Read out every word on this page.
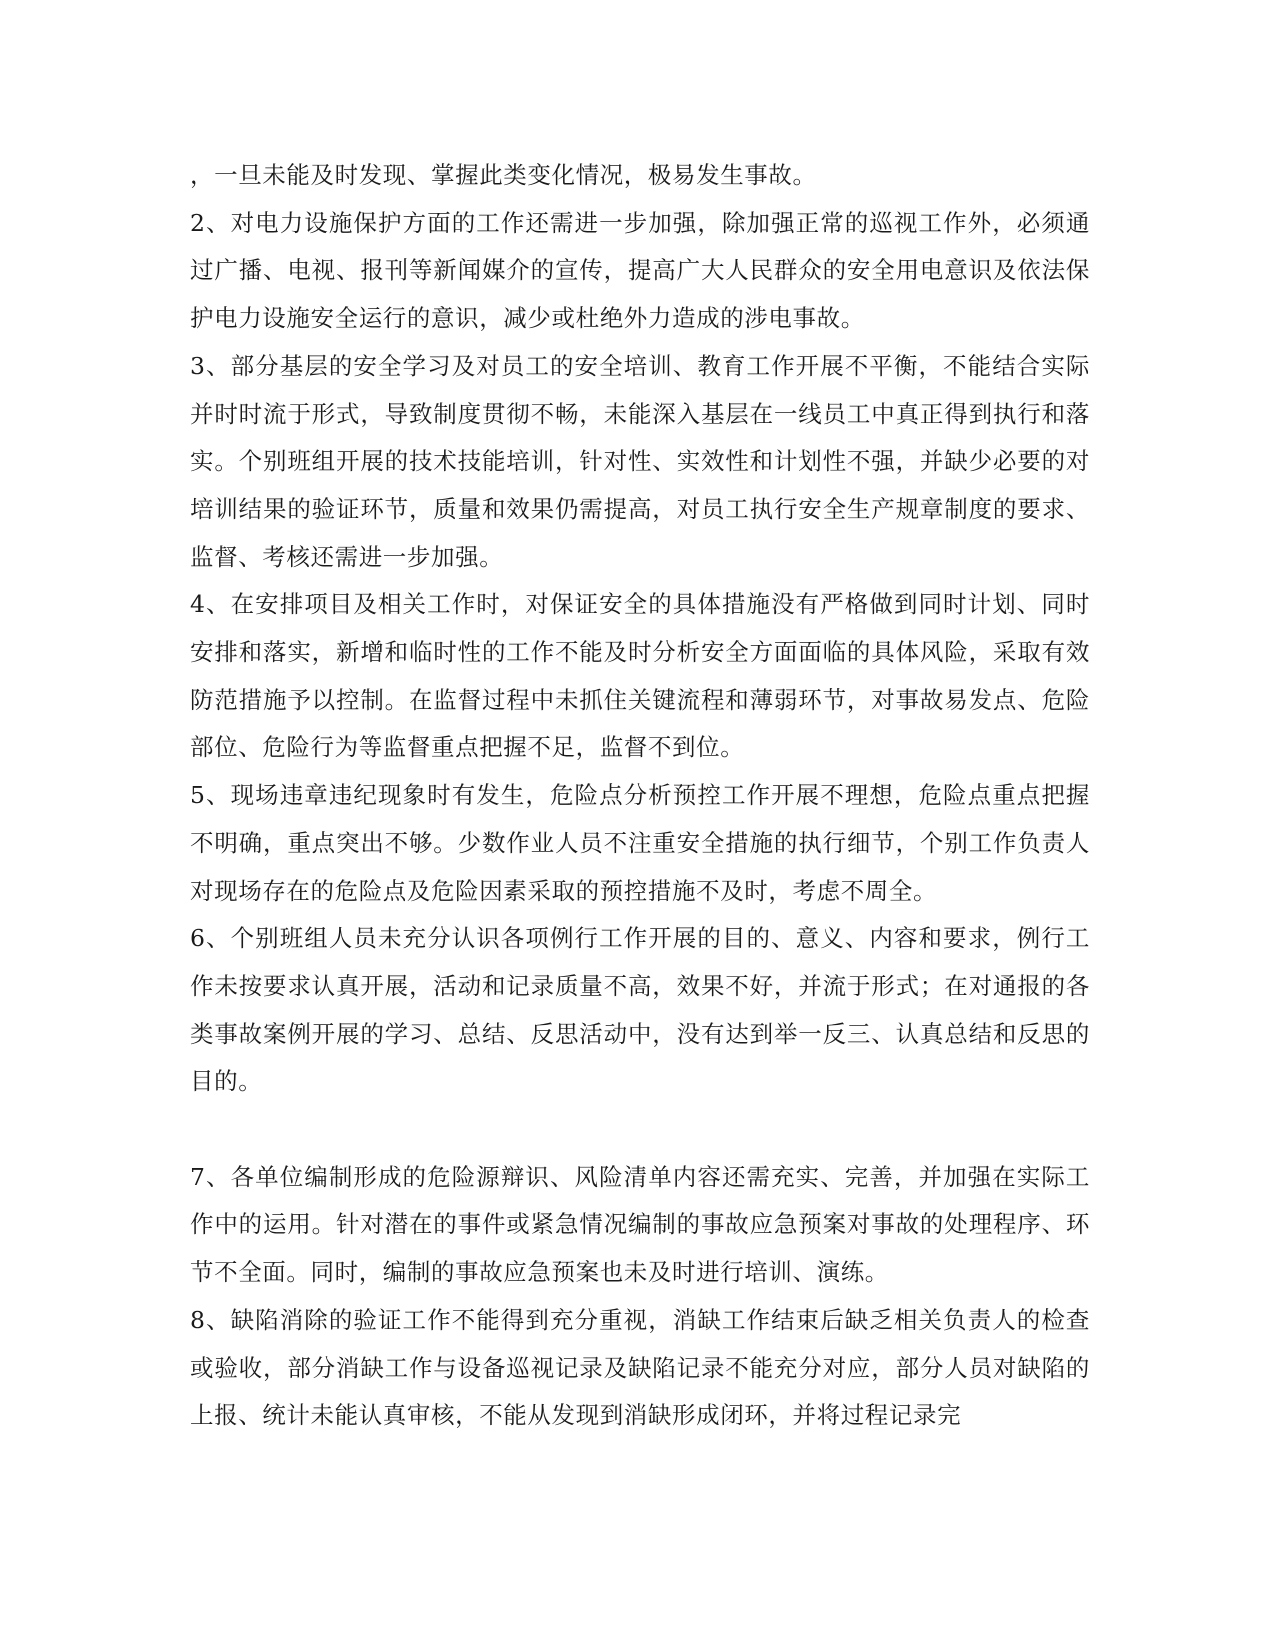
，一旦未能及时发现、掌握此类变化情况，极易发生事故。

2、对电力设施保护方面的工作还需进一步加强，除加强正常的巡视工作外，必须通过广播、电视、报刊等新闻媒介的宣传，提高广大人民群众的安全用电意识及依法保护电力设施安全运行的意识，减少或杜绝外力造成的涉电事故。

3、部分基层的安全学习及对员工的安全培训、教育工作开展不平衡，不能结合实际并时时流于形式，导致制度贯彻不畅，未能深入基层在一线员工中真正得到执行和落实。个别班组开展的技术技能培训，针对性、实效性和计划性不强，并缺少必要的对培训结果的验证环节，质量和效果仍需提高，对员工执行安全生产规章制度的要求、监督、考核还需进一步加强。

4、在安排项目及相关工作时，对保证安全的具体措施没有严格做到同时计划、同时安排和落实，新增和临时性的工作不能及时分析安全方面面临的具体风险，采取有效防范措施予以控制。在监督过程中未抓住关键流程和薄弱环节，对事故易发点、危险部位、危险行为等监督重点把握不足，监督不到位。

5、现场违章违纪现象时有发生，危险点分析预控工作开展不理想，危险点重点把握不明确，重点突出不够。少数作业人员不注重安全措施的执行细节，个别工作负责人对现场存在的危险点及危险因素采取的预控措施不及时，考虑不周全。

6、个别班组人员未充分认识各项例行工作开展的目的、意义、内容和要求，例行工作未按要求认真开展，活动和记录质量不高，效果不好，并流于形式；在对通报的各类事故案例开展的学习、总结、反思活动中，没有达到举一反三、认真总结和反思的目的。

7、各单位编制形成的危险源辩识、风险清单内容还需充实、完善，并加强在实际工作中的运用。针对潜在的事件或紧急情况编制的事故应急预案对事故的处理程序、环节不全面。同时，编制的事故应急预案也未及时进行培训、演练。

8、缺陷消除的验证工作不能得到充分重视，消缺工作结束后缺乏相关负责人的检查或验收，部分消缺工作与设备巡视记录及缺陷记录不能充分对应，部分人员对缺陷的上报、统计未能认真审核，不能从发现到消缺形成闭环，并将过程记录完
